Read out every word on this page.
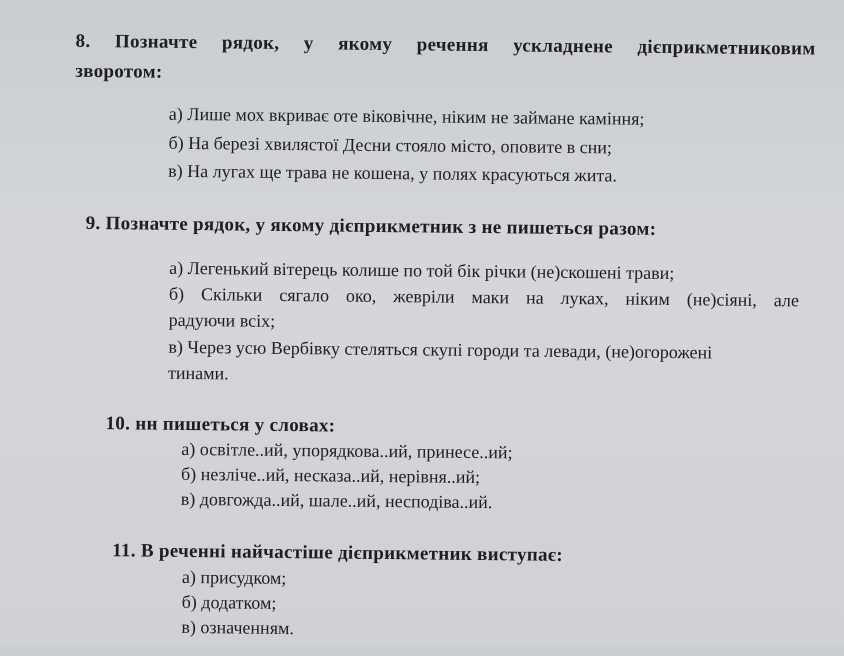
8. Позначте рядок, у якому речення ускладнене дієприкметниковим
зворотом:
а) Лише мох вкриває оте віковічне, ніким не займане каміння;
б) На березі хвилястої Десни стояло місто, оповите в сни;
в) На лугах ще трава не кошена, у полях красуються жита.
9. Позначте рядок, у якому дієприкметник з не пишеться разом:
а) Легенький вітерець колише по той бік річки (не)скошені трави;
б) Скільки сягало око, жевріли маки на луках, ніким (не)сіяні, але
радуючи всіх;
в) Через усю Вербівку стеляться скупі городи та левади, (не)огорожені
тинами.
10. нн пишеться у словах:
а) освітле..ий, упорядкова..ий, принесе..ий;
б) незліче..ий, несказа..ий, нерівня..ий;
в) довгожда..ий, шале..ий, несподіва..ий.
11. В реченні найчастіше дієприкметник виступає:
а) присудком;
б) додатком;
в) означенням.
